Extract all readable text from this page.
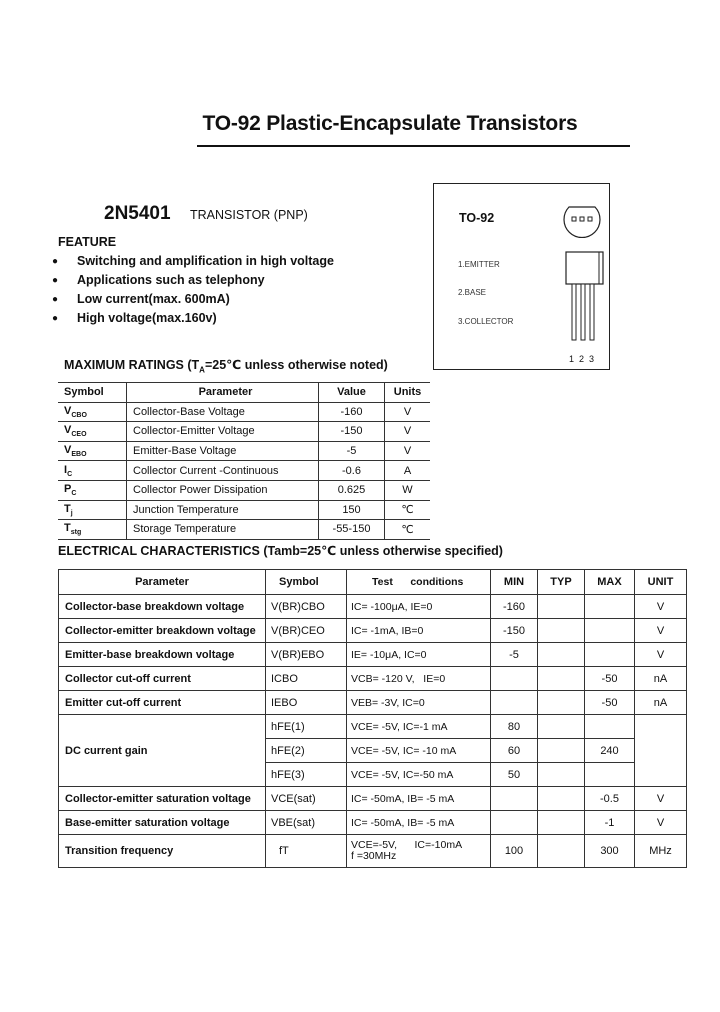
TO-92 Plastic-Encapsulate Transistors
2N5401 TRANSISTOR (PNP)
FEATURE
● Switching and amplification in high voltage
● Applications such as telephony
● Low current(max. 600mA)
● High voltage(max.160v)
TO-92
1.EMITTER
2.BASE
3.COLLECTOR
1  2  3
MAXIMUM RATINGS ($T_A=25℃$ unless otherwise noted)
Symbol	Parameter	Value	Units
$V_{CBO}$	Collector-Base Voltage	-160	V
$V_{CEO}$	Collector-Emitter Voltage	-150	V
$V_{EBO}$	Emitter-Base Voltage	-5	V
$I_C$	Collector Current -Continuous	-0.6	A
$P_C$	Collector Power Dissipation	0.625	W
$T_j$	Junction Temperature	150	℃
$T_{stg}$	Storage Temperature	-55-150	℃
ELECTRICAL CHARACTERISTICS (Tamb=25℃ unless otherwise specified)
Parameter	Symbol	Test      conditions	MIN	TYP	MAX	UNIT
Collector-base breakdown voltage	V(BR)CBO	IC= -100μA, IE=0	-160			V
Collector-emitter breakdown voltage	V(BR)CEO	IC= -1mA, IB=0	-150			V
Emitter-base breakdown voltage	V(BR)EBO	IE= -10μA, IC=0	-5			V
Collector cut-off current	ICBO	VCB= -120 V,   IE=0			-50	nA
Emitter cut-off current	IEBO	VEB= -3V, IC=0			-50	nA
DC current gain	hFE(1)	VCE= -5V, IC=-1 mA	80			
	hFE(2)	VCE= -5V, IC= -10 mA	60		240	
	hFE(3)	VCE= -5V, IC=-50 mA	50			
Collector-emitter saturation voltage	VCE(sat)	IC= -50mA, IB= -5 mA			-0.5	V
Base-emitter saturation voltage	VBE(sat)	IC= -50mA, IB= -5 mA			-1	V
Transition frequency	fT	VCE=-5V,      IC=-10mA
f =30MHz	100		300	MHz
